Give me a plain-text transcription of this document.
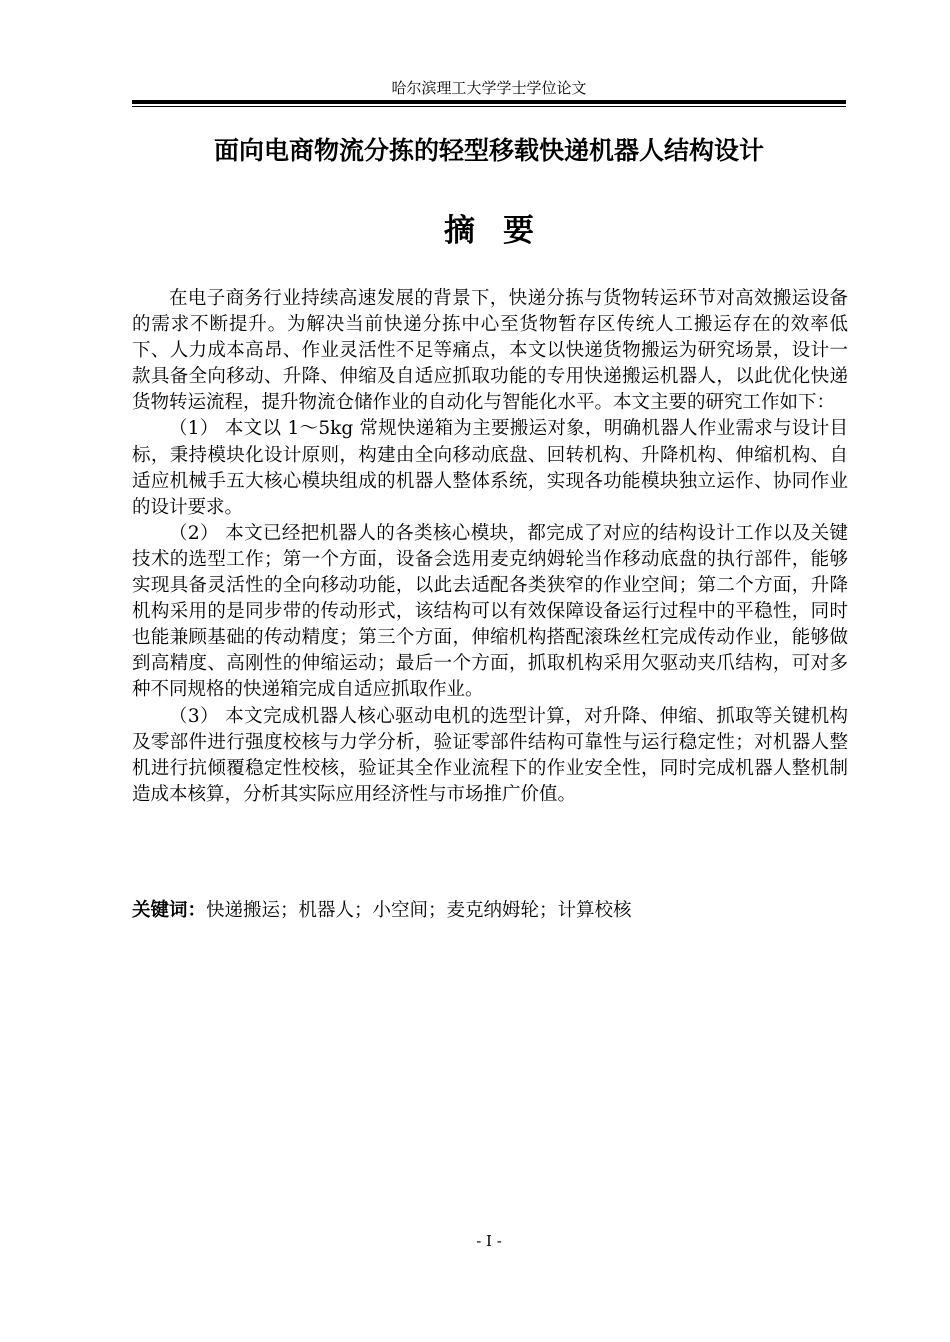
哈尔滨理工大学学士学位论文
面向电商物流分拣的轻型移载快递机器人结构设计
摘要

在电子商务行业持续高速发展的背景下，快递分拣与货物转运环节对高效搬运设备的需求不断提升。为解决当前快递分拣中心至货物暂存区传统人工搬运存在的效率低下、人力成本高昂、作业灵活性不足等痛点，本文以快递货物搬运为研究场景，设计一款具备全向移动、升降、伸缩及自适应抓取功能的专用快递搬运机器人，以此优化快递货物转运流程，提升物流仓储作业的自动化与智能化水平。本文主要的研究工作如下：

（1） 本文以 1～5kg 常规快递箱为主要搬运对象，明确机器人作业需求与设计目标，秉持模块化设计原则，构建由全向移动底盘、回转机构、升降机构、伸缩机构、自适应机械手五大核心模块组成的机器人整体系统，实现各功能模块独立运作、协同作业的设计要求。

（2） 本文已经把机器人的各类核心模块，都完成了对应的结构设计工作以及关键技术的选型工作；第一个方面，设备会选用麦克纳姆轮当作移动底盘的执行部件，能够实现具备灵活性的全向移动功能，以此去适配各类狭窄的作业空间；第二个方面，升降机构采用的是同步带的传动形式，该结构可以有效保障设备运行过程中的平稳性，同时也能兼顾基础的传动精度；第三个方面，伸缩机构搭配滚珠丝杠完成传动作业，能够做到高精度、高刚性的伸缩运动；最后一个方面，抓取机构采用欠驱动夹爪结构，可对多种不同规格的快递箱完成自适应抓取作业。

（3） 本文完成机器人核心驱动电机的选型计算，对升降、伸缩、抓取等关键机构及零部件进行强度校核与力学分析，验证零部件结构可靠性与运行稳定性；对机器人整机进行抗倾覆稳定性校核，验证其全作业流程下的作业安全性，同时完成机器人整机制造成本核算，分析其实际应用经济性与市场推广价值。

关键词：快递搬运；机器人；小空间；麦克纳姆轮；计算校核
- I -
